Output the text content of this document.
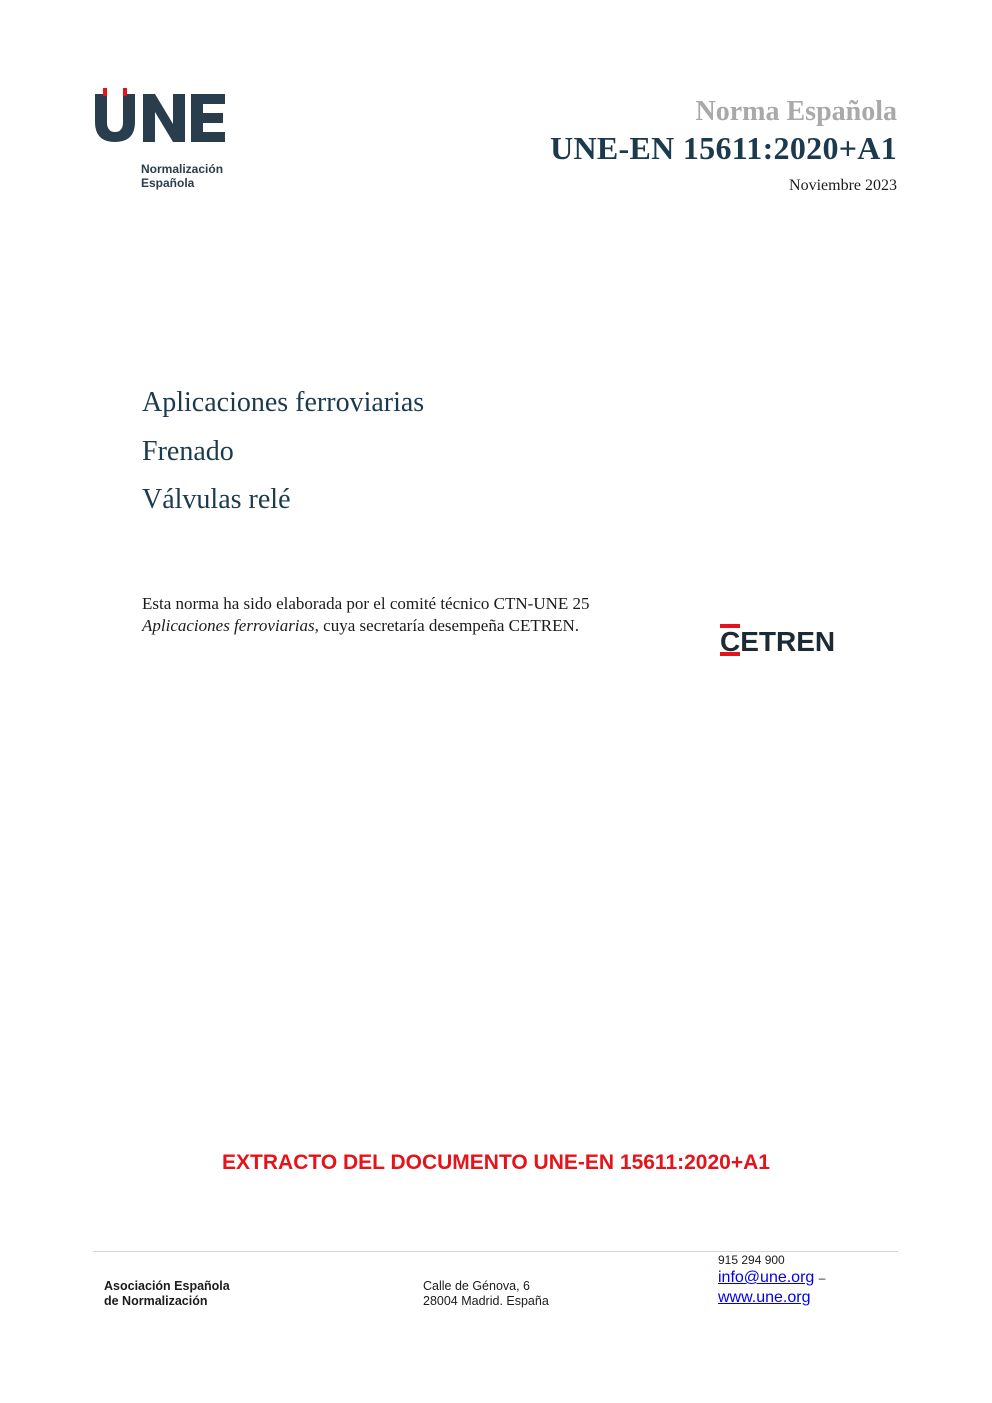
Normalización
Española
Norma Española
UNE-EN 15611:2020+A1
Noviembre 2023
Aplicaciones ferroviarias
Frenado
Válvulas relé
Esta norma ha sido elaborada por el comité técnico CTN-UNE 25 Aplicaciones ferroviarias, cuya secretaría desempeña CETREN.
CETREN
EXTRACTO DEL DOCUMENTO UNE-EN 15611:2020+A1
Asociación Española
de Normalización
Calle de Génova, 6
28004 Madrid. España
915 294 900
info@une.org –
www.une.org
